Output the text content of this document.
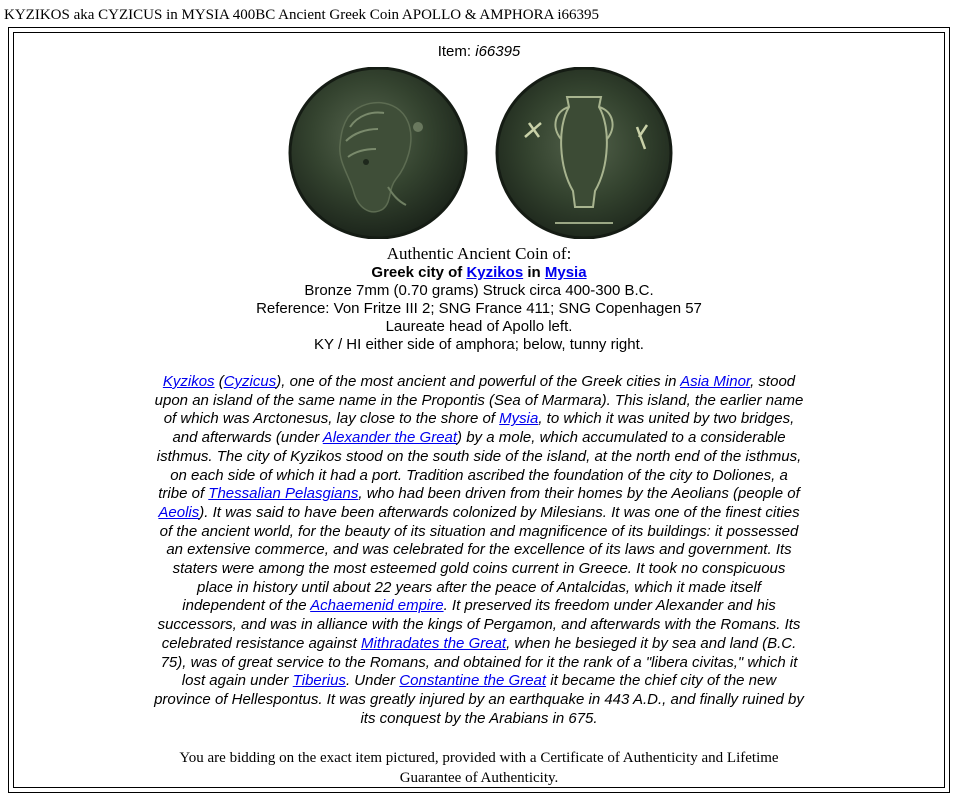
KYZIKOS aka CYZICUS in MYSIA 400BC Ancient Greek Coin APOLLO & AMPHORA i66395
Item: i66395
Authentic Ancient Coin of:
Greek city of Kyzikos in Mysia
Bronze 7mm (0.70 grams) Struck circa 400-300 B.C.
Reference: Von Fritze III 2; SNG France 411; SNG Copenhagen 57
Laureate head of Apollo left.
KY / HI either side of amphora; below, tunny right.
Kyzikos (Cyzicus), one of the most ancient and powerful of the Greek cities in Asia Minor, stood upon an island of the same name in the Propontis (Sea of Marmara). This island, the earlier name of which was Arctonesus, lay close to the shore of Mysia, to which it was united by two bridges, and afterwards (under Alexander the Great) by a mole, which accumulated to a considerable isthmus. The city of Kyzikos stood on the south side of the island, at the north end of the isthmus, on each side of which it had a port. Tradition ascribed the foundation of the city to Doliones, a tribe of Thessalian Pelasgians, who had been driven from their homes by the Aeolians (people of Aeolis). It was said to have been afterwards colonized by Milesians. It was one of the finest cities of the ancient world, for the beauty of its situation and magnificence of its buildings: it possessed an extensive commerce, and was celebrated for the excellence of its laws and government. Its staters were among the most esteemed gold coins current in Greece. It took no conspicuous place in history until about 22 years after the peace of Antalcidas, which it made itself independent of the Achaemenid empire. It preserved its freedom under Alexander and his successors, and was in alliance with the kings of Pergamon, and afterwards with the Romans. Its celebrated resistance against Mithradates the Great, when he besieged it by sea and land (B.C. 75), was of great service to the Romans, and obtained for it the rank of a "libera civitas," which it lost again under Tiberius. Under Constantine the Great it became the chief city of the new province of Hellespontus. It was greatly injured by an earthquake in 443 A.D., and finally ruined by its conquest by the Arabians in 675.
You are bidding on the exact item pictured, provided with a Certificate of Authenticity and Lifetime Guarantee of Authenticity.
